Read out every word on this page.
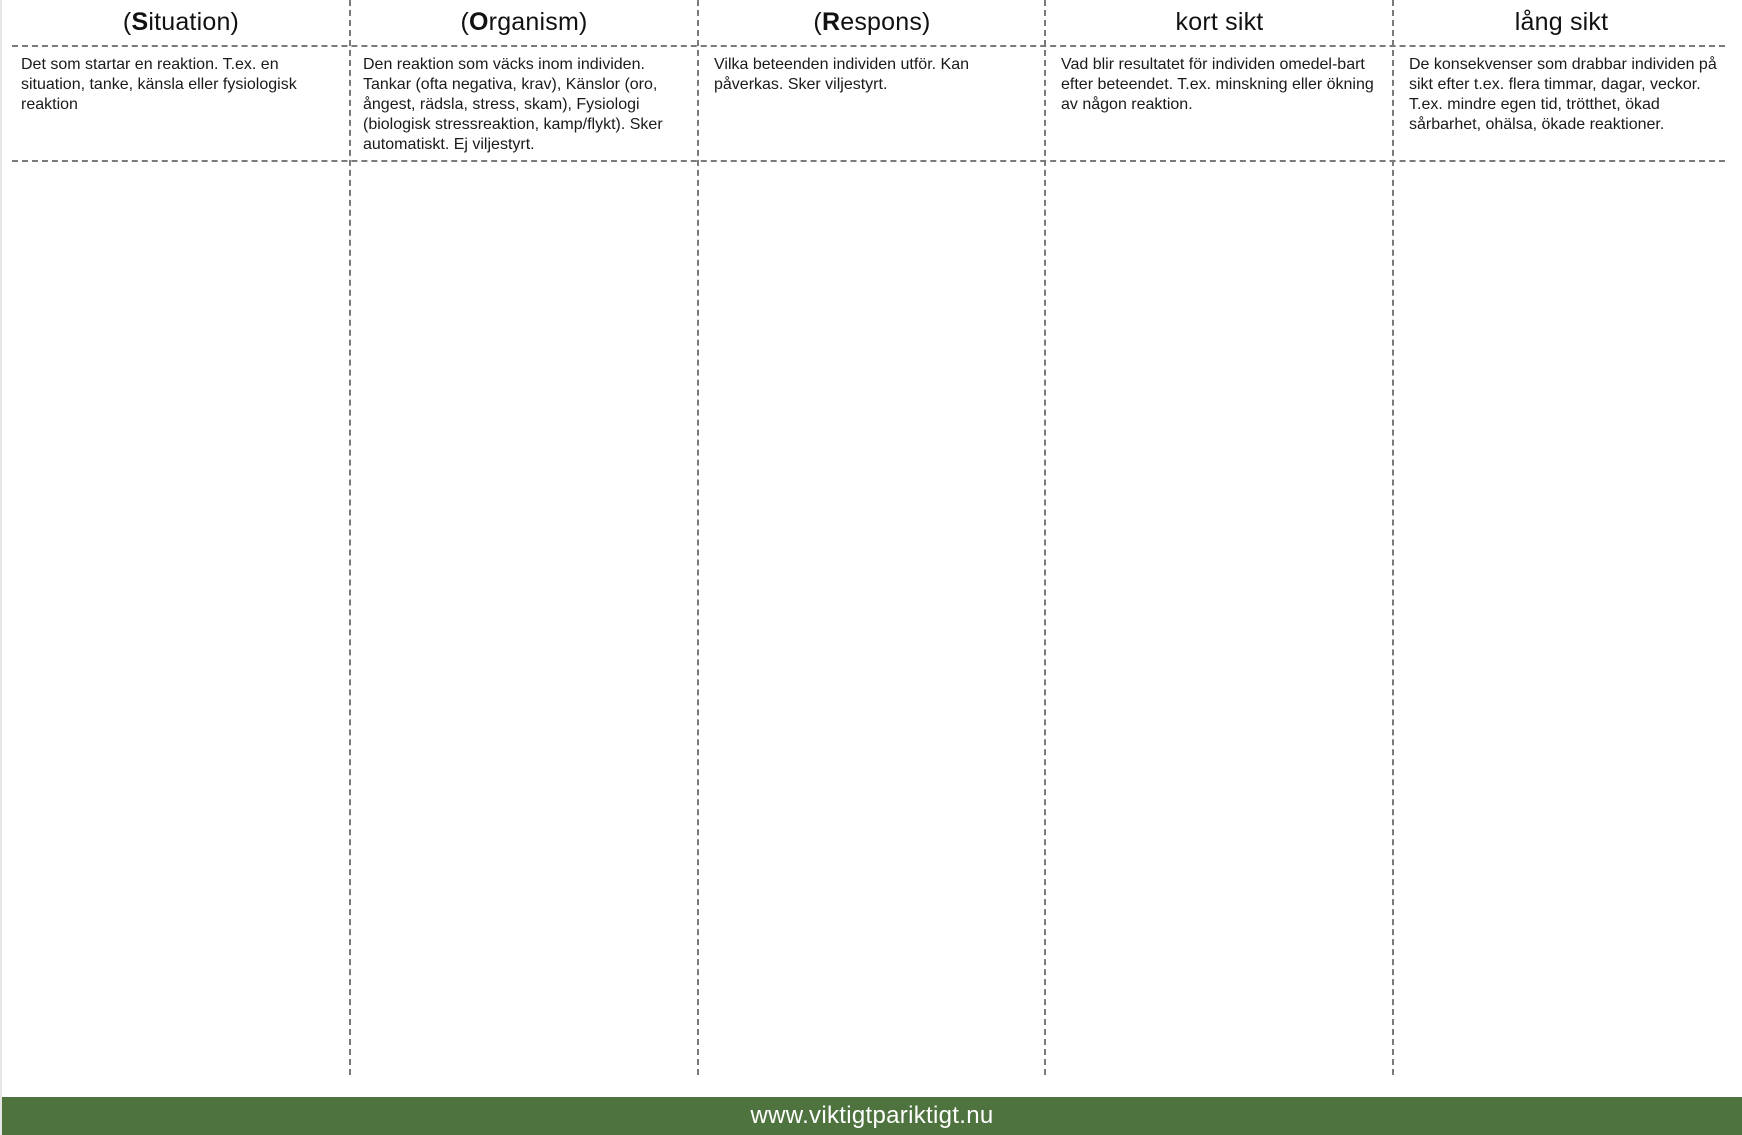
(Situation)

Det som startar en reaktion. T.ex. en situation, tanke, känsla eller fysiologisk reaktion

(Organism)

Den reaktion som väcks inom individen. Tankar (ofta negativa, krav), Känslor (oro, ångest, rädsla, stress, skam), Fysiologi (biologisk stressreaktion, kamp/flykt). Sker automatiskt. Ej viljestyrt.

(Respons)

Vilka beteenden individen utför. Kan påverkas. Sker viljestyrt.

kort sikt

Vad blir resultatet för individen omedel-bart efter beteendet. T.ex. minskning eller ökning av någon reaktion.

lång sikt

De konsekvenser som drabbar individen på sikt efter t.ex. flera timmar, dagar, veckor. T.ex. mindre egen tid, trötthet, ökad sårbarhet, ohälsa, ökade reaktioner.

www.viktigtpariktigt.nu
